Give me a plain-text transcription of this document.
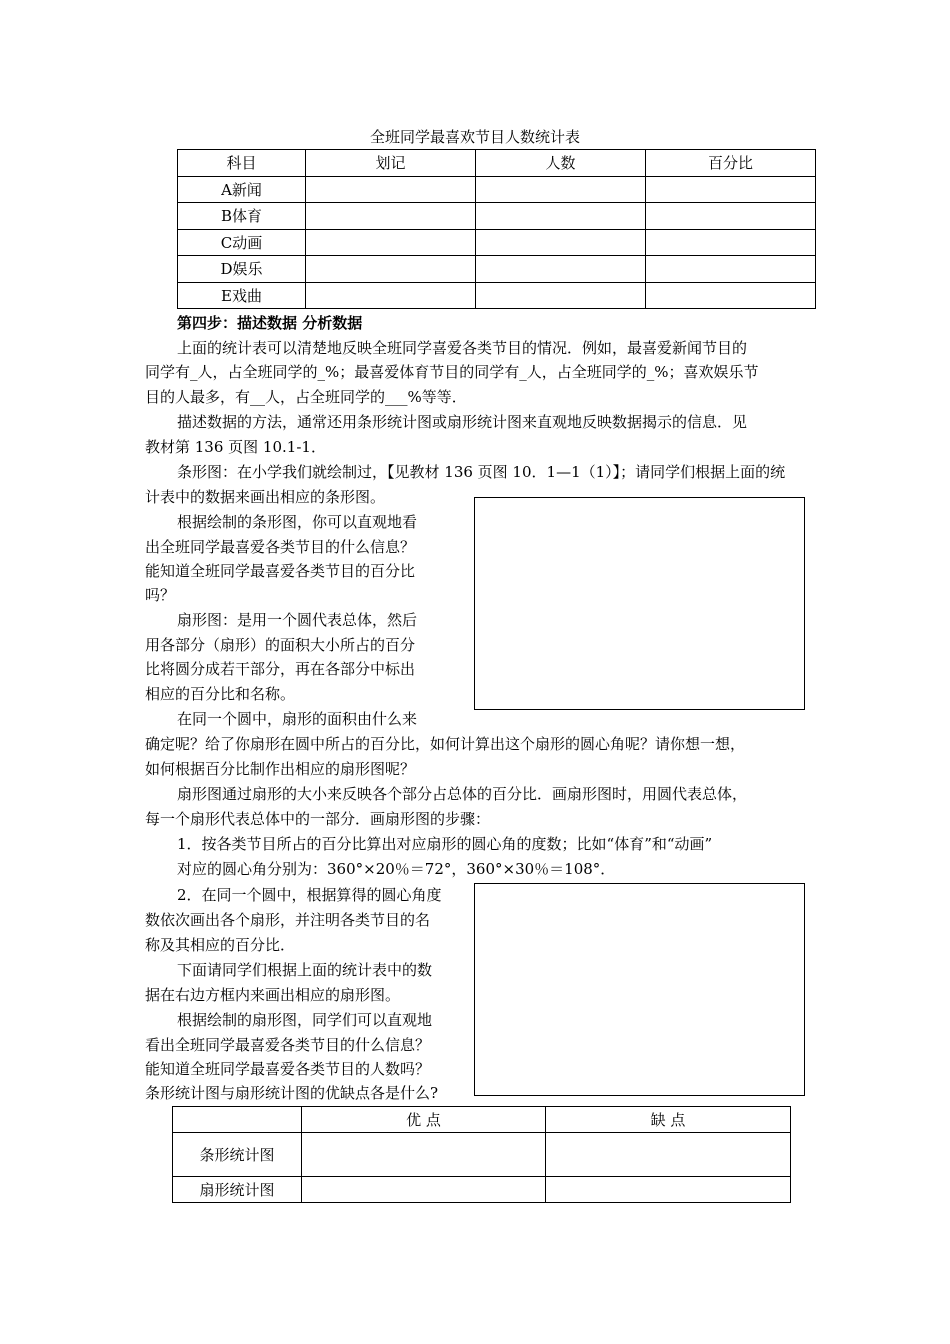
全班同学最喜欢节目人数统计表
科目	划记	人数	百分比
A新闻			
B体育			
C动画			
D娱乐			
E戏曲			
第四步：描述数据 分析数据
上面的统计表可以清楚地反映全班同学喜爱各类节目的情况．例如，最喜爱新闻节目的
同学有_人，占全班同学的_%；最喜爱体育节目的同学有_人，占全班同学的_%；喜欢娱乐节
目的人最多，有__人，占全班同学的___%等等．
描述数据的方法，通常还用条形统计图或扇形统计图来直观地反映数据揭示的信息．见
教材第 136 页图 10.1-1．
条形图：在小学我们就绘制过，【见教材 136 页图 10．1—1（1）】；请同学们根据上面的统
计表中的数据来画出相应的条形图。
根据绘制的条形图，你可以直观地看
出全班同学最喜爱各类节目的什么信息？
能知道全班同学最喜爱各类节目的百分比
吗？
扇形图：是用一个圆代表总体，然后
用各部分（扇形）的面积大小所占的百分
比将圆分成若干部分，再在各部分中标出
相应的百分比和名称。
在同一个圆中，扇形的面积由什么来
确定呢？给了你扇形在圆中所占的百分比，如何计算出这个扇形的圆心角呢？请你想一想，
如何根据百分比制作出相应的扇形图呢？
扇形图通过扇形的大小来反映各个部分占总体的百分比．画扇形图时，用圆代表总体，
每一个扇形代表总体中的一部分．画扇形图的步骤：
1．按各类节目所占的百分比算出对应扇形的圆心角的度数；比如“体育”和“动画”
对应的圆心角分别为：360°×20％＝72°，360°×30％＝108°．
2．在同一个圆中，根据算得的圆心角度
数依次画出各个扇形，并注明各类节目的名
称及其相应的百分比．
下面请同学们根据上面的统计表中的数
据在右边方框内来画出相应的扇形图。
根据绘制的扇形图，同学们可以直观地
看出全班同学最喜爱各类节目的什么信息？
能知道全班同学最喜爱各类节目的人数吗？
条形统计图与扇形统计图的优缺点各是什么?
	优 点	缺 点
条形统计图		
扇形统计图		
